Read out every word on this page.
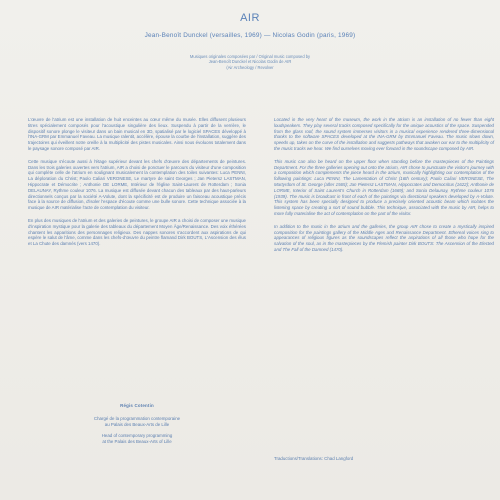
AIR
Jean-Benoît Dunckel (versailles, 1969) — Nicolas Godin (paris, 1969)
Musiques originales composées par / Original music composed by
Jean-Benoît Dunckel et Nicolas Godin de AIR
(Air Archeology / Revolver

L'œuvre de l'atrium est une installation de huit enceintes au cœur même du musée. Elles diffusent plusieurs titres spécialement composés pour l'acoustique singulière des lieux. Suspendu à partir de la verrière, le dispositif sonore plonge le visiteur dans un bain musical en 3D, spatialisé par le logiciel SPACES développé à l'INA-GRM par Emmanuel Faveau. La musique ralentit, accélère, épouse la courbe de l'installation, suggère des trajectoires qui éveillent notre oreille à la multiplicité des pistes musicales. Ainsi nous évoluons totalement dans le paysage sonore composé par AIR.

Cette musique s'écoute aussi à l'étage supérieur devant les chefs d'œuvre des départements de peintures. Dans les trois galeries ouvertes vers l'atrium, AIR a choisi de ponctuer le parcours du visiteur d'une composition qui complète celle de l'atrium en soulignant musicalement la contemplation des toiles suivantes: Luca PENNI, La déploration du Christ; Paolo Caliari VERONESE, Le martyre de saint Georges ; Jan Pietersz LASTMAN, Hippocrate et Démocrite ; Anthonie DE LORME, Intérieur de l'église Saint-Laurent de Rotterdam ; Sonia DELAUNAY, Rythme couleur 1076. La musique est diffusée devant chacun des tableaux par des haut-parleurs directionnels conçus par la société A-Volute, dont la spécificité est de produire un faisceau acoustique précis face à la source de diffusion, d'isoler l'espace d'écoute comme une bulle sonore. Cette technique associée à la musique de AIR matérialise l'acte de contemplation du visiteur.

En plus des musiques de l'atrium et des galeries de peintures, le groupe AIR a choisi de composer une musique d'inspiration mystique pour la galerie des tableaux du département Moyen Âge/Renaissance. Des voix éthérées chantent les apparitions des personnages religieux. Des nappes sonores s'accordent aux aspirations de qui espère le salut de l'âme, comme dans les chefs-d'œuvre du peintre flamand Dirk BOUTS, L'Ascension des élus et La Chute des damnés (vers 1470).

Régis Cotentin
Chargé de la programmation contemporaine
au Palais des Beaux-Arts de Lille
Head of contemporary programming
at the Palais des Beaux-Arts of Lille

Located in the very heart of the museum, the work in the atrium is an installation of no fewer than eight loudspeakers. They play several tracks composed specifically for the unique acoustics of the space. Suspended from the glass roof, the sound system immerses visitors in a musical experience rendered three-dimensional thanks to the software SPACES developed at the INA-GRM by Emmanuel Faveau. The music slows down, speeds up, takes on the curve of the installation and suggests pathways that awaken our ear to the multiplicity of the music tracks we hear. We find ourselves moving ever forward in the soundscape composed by AIR.

This music can also be heard on the upper floor when standing before the masterpieces of the Paintings Department. For the three galleries opening out onto the atrium, AIR chose to punctuate the visitor's journey with a composition which complements the piece heard in the atrium, musically highlighting our contemplation of the following paintings: Luca PENNI, The Lamentation of Christ (16th century); Paolo Caliari VERONESE, The Martyrdom of St. George (after 1565); Jan Pietersz LASTMAN, Hippocrates and Democritus (1622); Anthonie de LORME, Interior of Saint Laurent's Church in Rotterdam (1669); and Sonia Delaunay, Rythme couleur 1076 (1939). The music is broadcast in front of each of the paintings via directional speakers developed by A-Volute. This system has been specially designed to produce a precisely oriented acoustic beam which isolates the listening space by creating a sort of sound bubble. This technique, associated with the music by AIR, helps to more fully materialise the act of contemplation on the part of the visitor.

In addition to the music in the atrium and the galleries, the group AIR chose to create a mystically inspired composition for the paintings gallery of the Middle Ages and Renaissance Department. Ethereal voices sing to appearances of religious figures as the soundscapes reflect the aspirations of all those who hope for the salvation of the soul, as in the masterpieces by the Flemish painter Dirk BOUTS: The Ascension of the Elected and The Fall of the Damned (1470).

Traductions/Translations: Chad Langford
